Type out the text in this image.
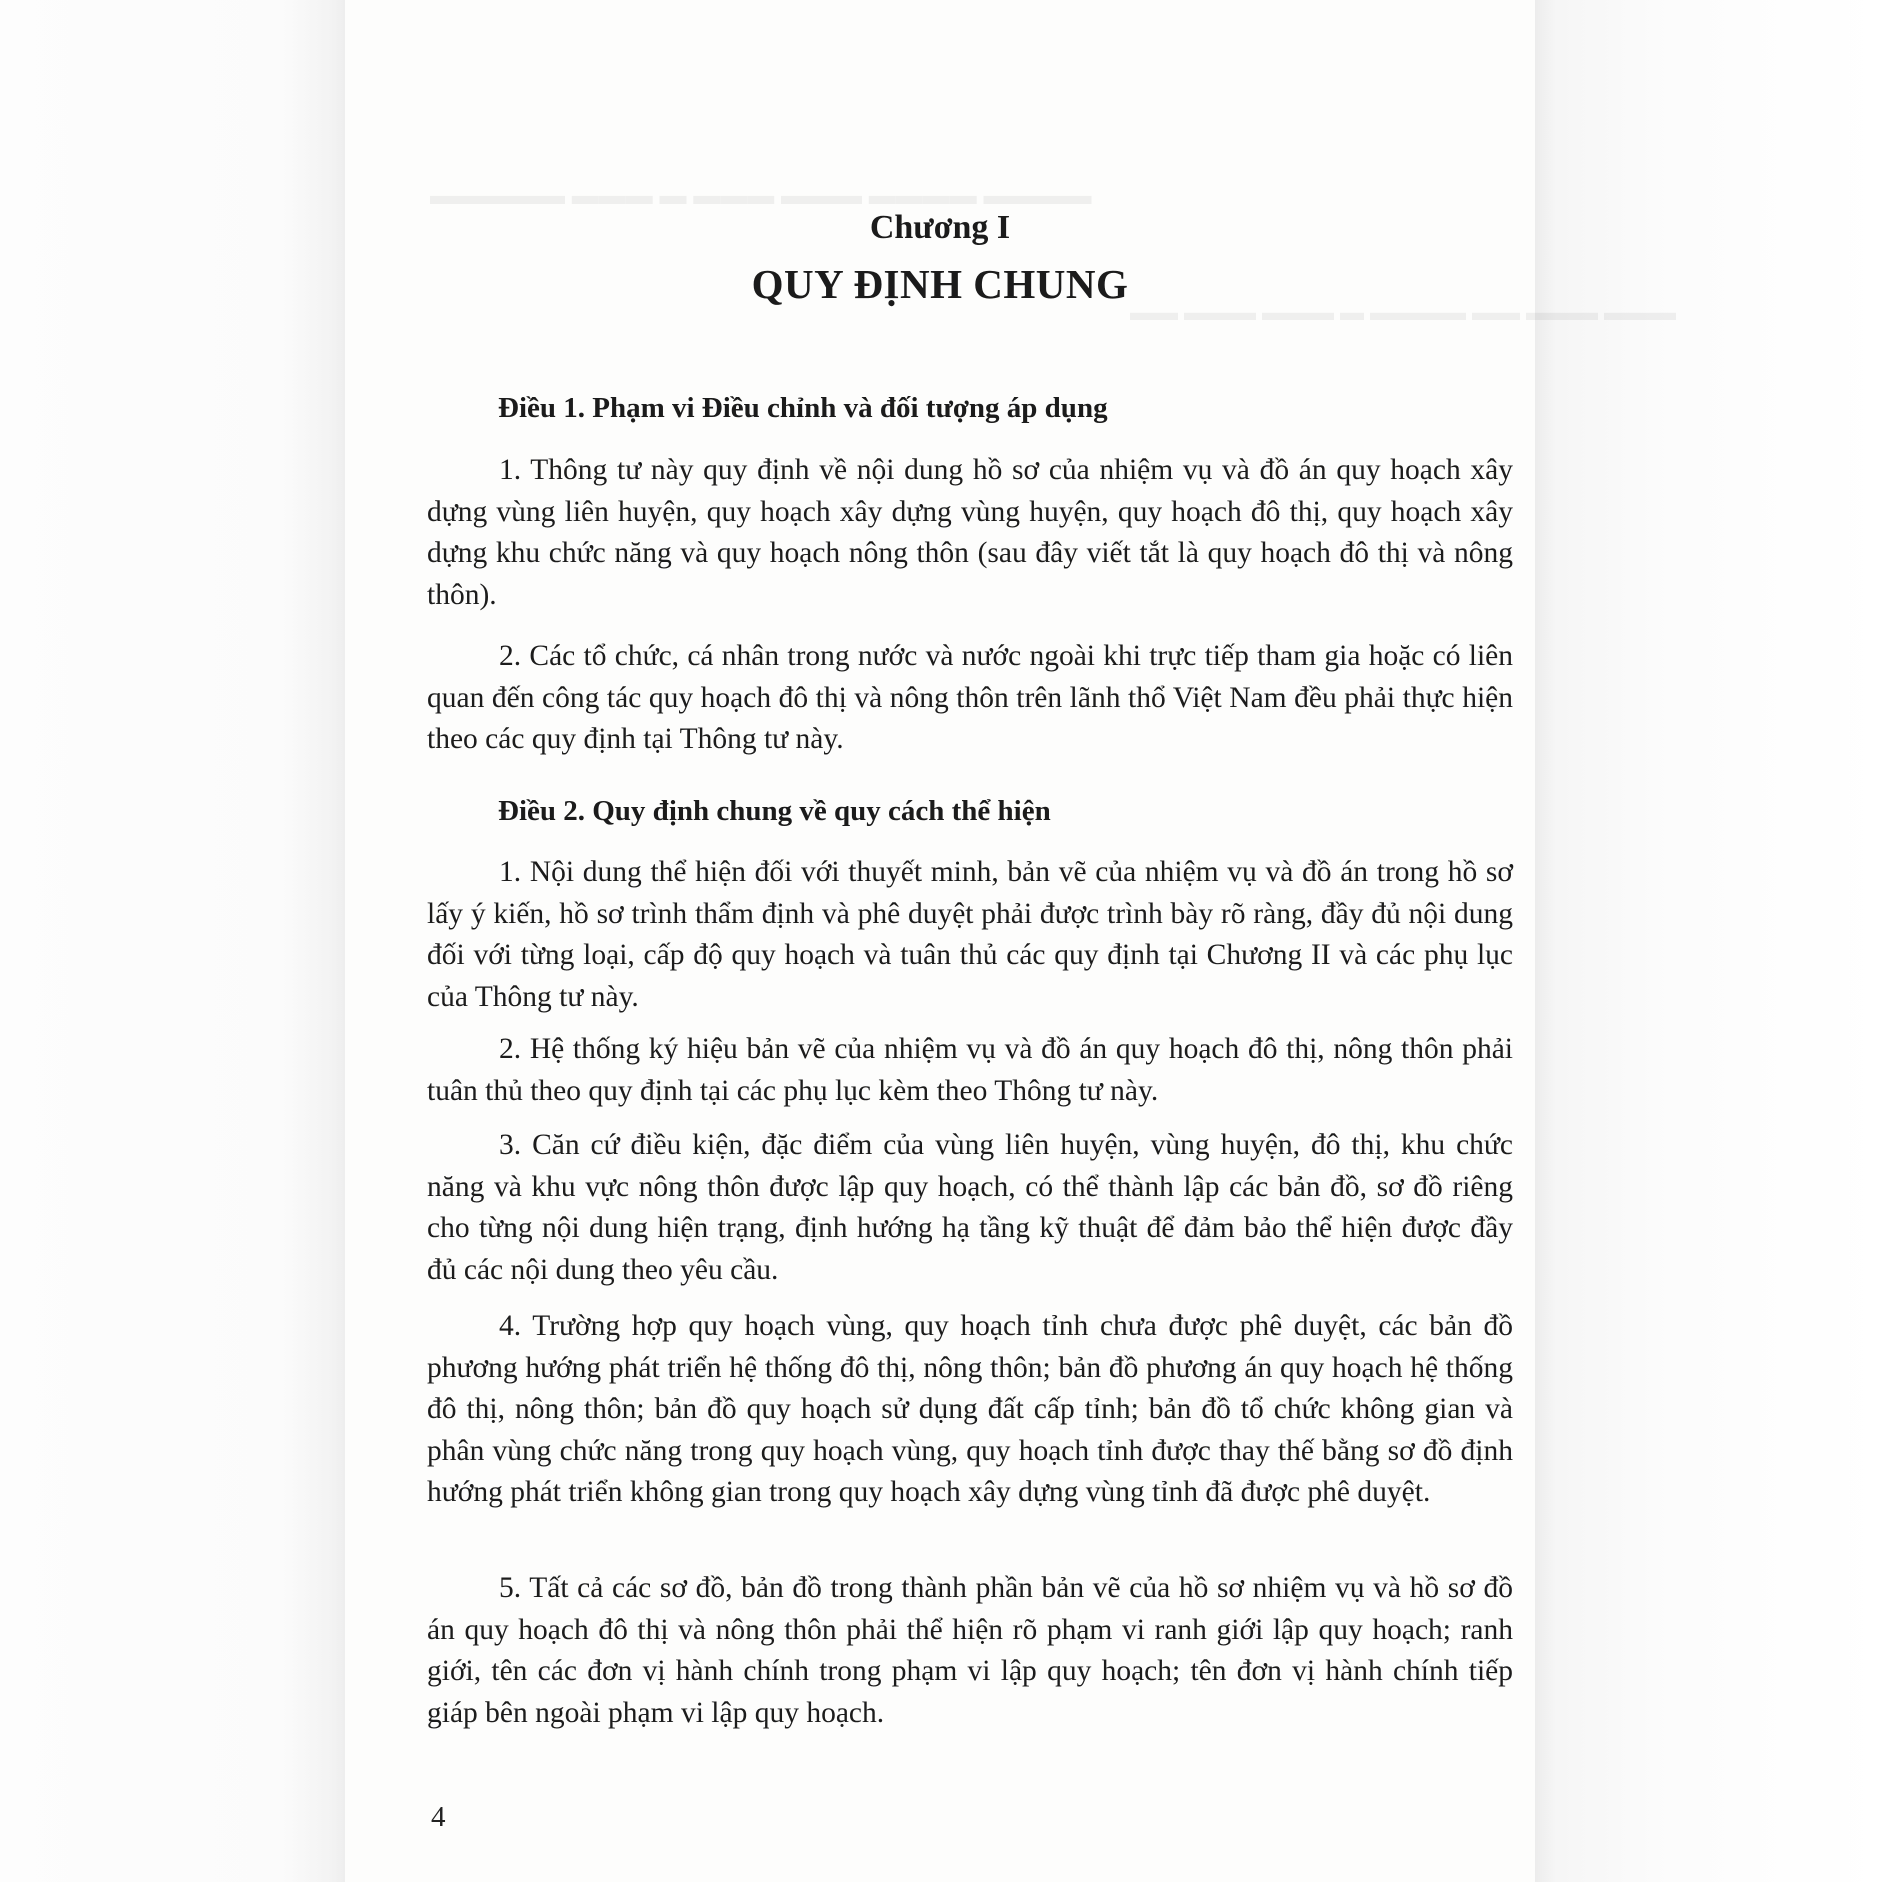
Chương I
QUY ĐỊNH CHUNG
Điều 1. Phạm vi Điều chỉnh và đối tượng áp dụng

1. Thông tư này quy định về nội dung hồ sơ của nhiệm vụ và đồ án quy hoạch xây dựng vùng liên huyện, quy hoạch xây dựng vùng huyện, quy hoạch đô thị, quy hoạch xây dựng khu chức năng và quy hoạch nông thôn (sau đây viết tắt là quy hoạch đô thị và nông thôn).

2. Các tổ chức, cá nhân trong nước và nước ngoài khi trực tiếp tham gia hoặc có liên quan đến công tác quy hoạch đô thị và nông thôn trên lãnh thổ Việt Nam đều phải thực hiện theo các quy định tại Thông tư này.

Điều 2. Quy định chung về quy cách thể hiện

1. Nội dung thể hiện đối với thuyết minh, bản vẽ của nhiệm vụ và đồ án trong hồ sơ lấy ý kiến, hồ sơ trình thẩm định và phê duyệt phải được trình bày rõ ràng, đầy đủ nội dung đối với từng loại, cấp độ quy hoạch và tuân thủ các quy định tại Chương II và các phụ lục của Thông tư này.

2. Hệ thống ký hiệu bản vẽ của nhiệm vụ và đồ án quy hoạch đô thị, nông thôn phải tuân thủ theo quy định tại các phụ lục kèm theo Thông tư này.

3. Căn cứ điều kiện, đặc điểm của vùng liên huyện, vùng huyện, đô thị, khu chức năng và khu vực nông thôn được lập quy hoạch, có thể thành lập các bản đồ, sơ đồ riêng cho từng nội dung hiện trạng, định hướng hạ tầng kỹ thuật để đảm bảo thể hiện được đầy đủ các nội dung theo yêu cầu.

4. Trường hợp quy hoạch vùng, quy hoạch tỉnh chưa được phê duyệt, các bản đồ phương hướng phát triển hệ thống đô thị, nông thôn; bản đồ phương án quy hoạch hệ thống đô thị, nông thôn; bản đồ quy hoạch sử dụng đất cấp tỉnh; bản đồ tổ chức không gian và phân vùng chức năng trong quy hoạch vùng, quy hoạch tỉnh được thay thế bằng sơ đồ định hướng phát triển không gian trong quy hoạch xây dựng vùng tỉnh đã được phê duyệt.

5. Tất cả các sơ đồ, bản đồ trong thành phần bản vẽ của hồ sơ nhiệm vụ và hồ sơ đồ án quy hoạch đô thị và nông thôn phải thể hiện rõ phạm vi ranh giới lập quy hoạch; ranh giới, tên các đơn vị hành chính trong phạm vi lập quy hoạch; tên đơn vị hành chính tiếp giáp bên ngoài phạm vi lập quy hoạch.

4
